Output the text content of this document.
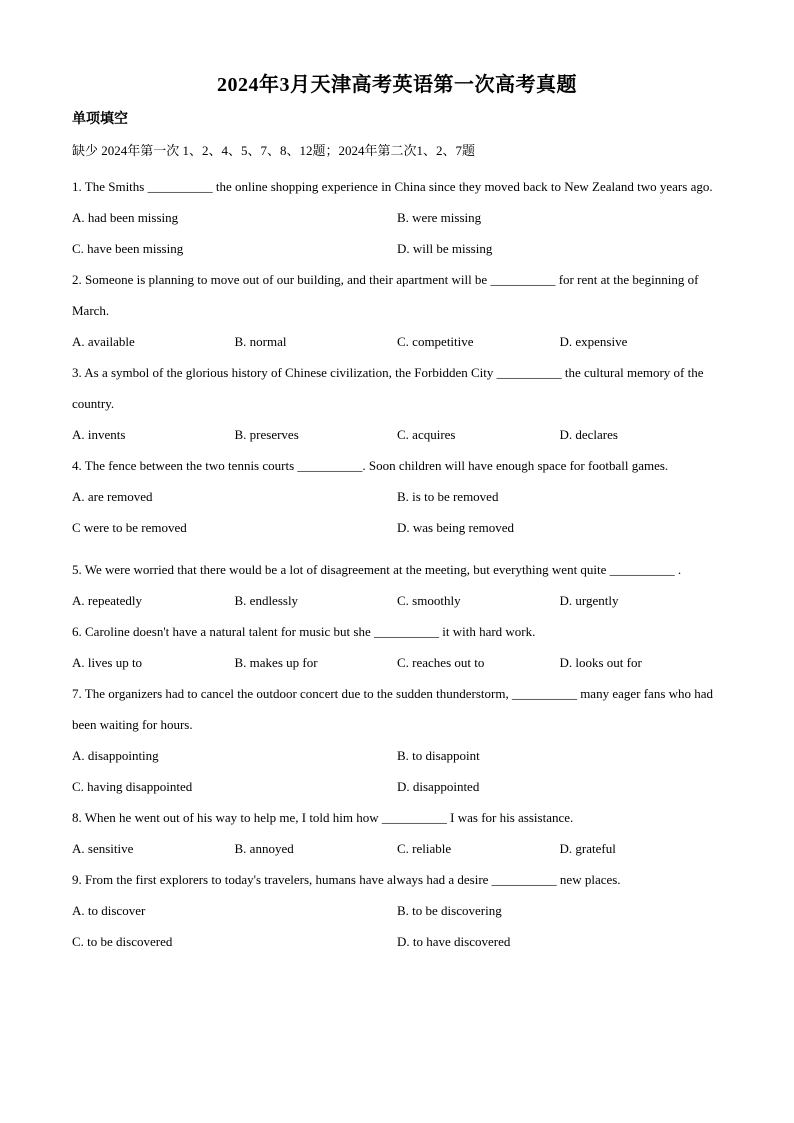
2024年3月天津高考英语第一次高考真题
单项填空

缺少 2024年第一次 1、2、4、5、7、8、12题；2024年第二次1、2、7题

1. The Smiths __________ the online shopping experience in China since they moved back to New Zealand two years ago.

A. had been missing	B. were missing
C. have been missing	D. will be missing

2. Someone is planning to move out of our building, and their apartment will be __________ for rent at the beginning of March.

A. available	B. normal	C. competitive	D. expensive

3. As a symbol of the glorious history of Chinese civilization, the Forbidden City __________ the cultural memory of the country.

A. invents	B. preserves	C. acquires	D. declares

4. The fence between the two tennis courts __________. Soon children will have enough space for football games.

A. are removed	B. is to be removed
C were to be removed	D. was being removed

5. We were worried that there would be a lot of disagreement at the meeting, but everything went quite __________ .

A. repeatedly	B. endlessly	C. smoothly	D. urgently

6. Caroline doesn't have a natural talent for music but she __________ it with hard work.

A. lives up to	B. makes up for	C. reaches out to	D. looks out for

7. The organizers had to cancel the outdoor concert due to the sudden thunderstorm, __________ many eager fans who had been waiting for hours.

A. disappointing	B. to disappoint
C. having disappointed	D. disappointed

8. When he went out of his way to help me, I told him how __________ I was for his assistance.

A. sensitive	B. annoyed	C. reliable	D. grateful

9. From the first explorers to today's travelers, humans have always had a desire __________ new places.

A. to discover	B. to be discovering
C. to be discovered	D. to have discovered
